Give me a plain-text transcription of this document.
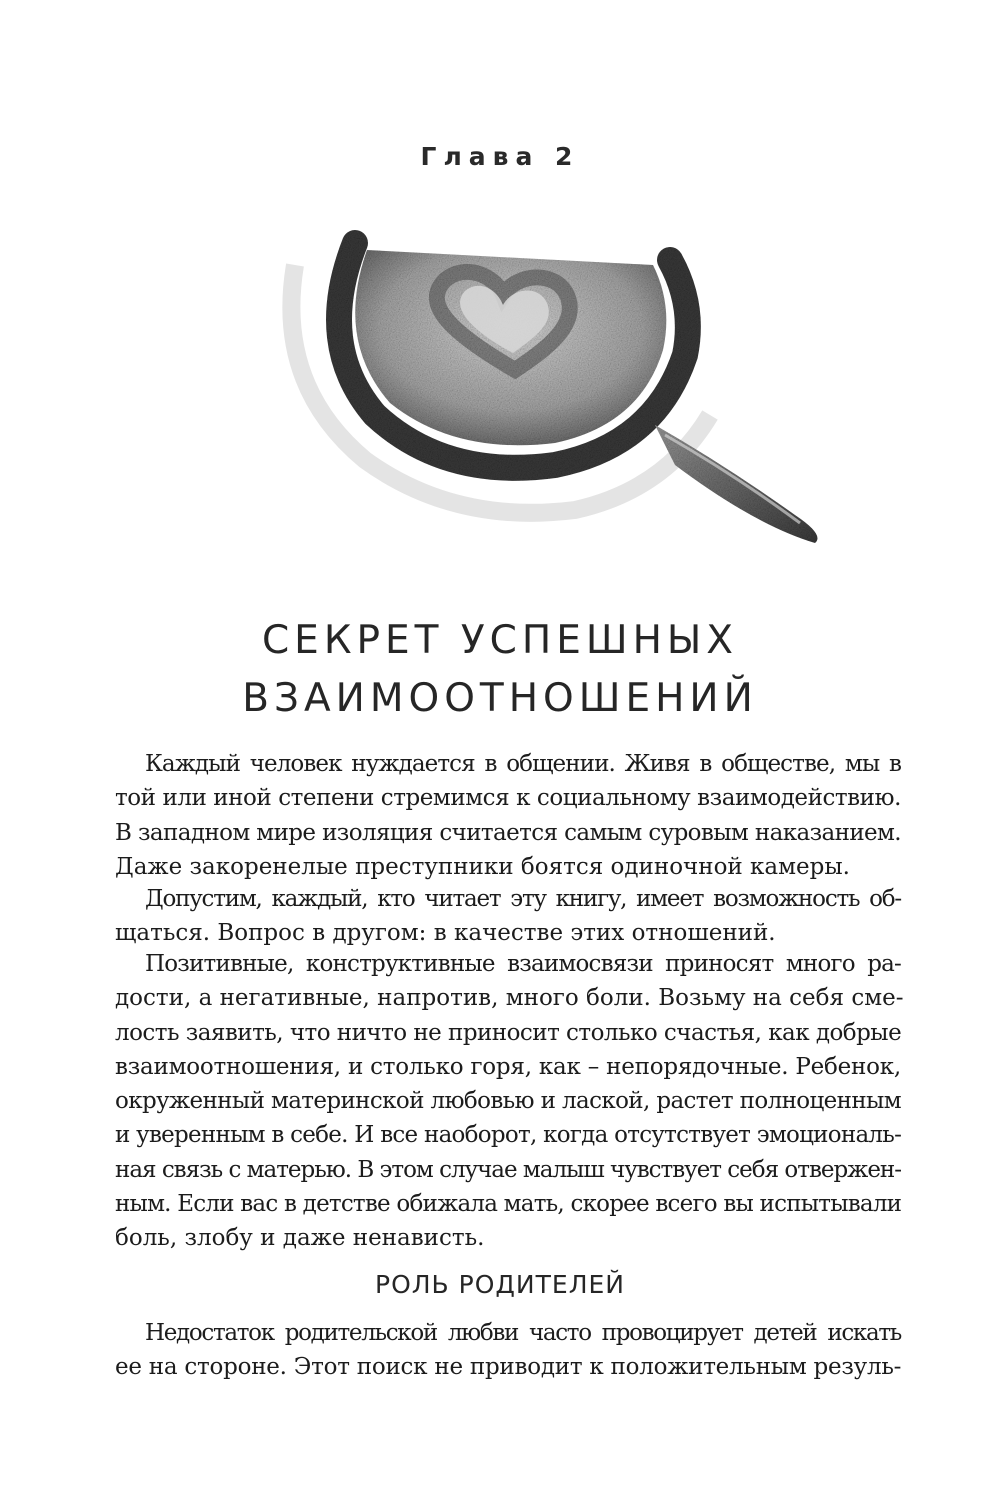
Глава 2
СЕКРЕТ УСПЕШНЫХ
ВЗАИМООТНОШЕНИЙ
Каждый человек нуждается в общении. Живя в обществе, мы в
той или иной степени стремимся к социальному взаимодействию.
В западном мире изоляция считается самым суровым наказанием.
Даже закоренелые преступники боятся одиночной камеры.
Допустим, каждый, кто читает эту книгу, имеет возможность об-
щаться. Вопрос в другом: в качестве этих отношений.
Позитивные, конструктивные взаимосвязи приносят много ра-
дости, а негативные, напротив, много боли. Возьму на себя сме-
лость заявить, что ничто не приносит столько счастья, как добрые
взаимоотношения, и столько горя, как – непорядочные. Ребенок,
окруженный материнской любовью и лаской, растет полноценным
и уверенным в себе. И все наоборот, когда отсутствует эмоциональ-
ная связь с матерью. В этом случае малыш чувствует себя отвержен-
ным. Если вас в детстве обижала мать, скорее всего вы испытывали
боль, злобу и даже ненависть.
РОЛЬ РОДИТЕЛЕЙ
Недостаток родительской любви часто провоцирует детей искать
ее на стороне. Этот поиск не приводит к положительным резуль-
